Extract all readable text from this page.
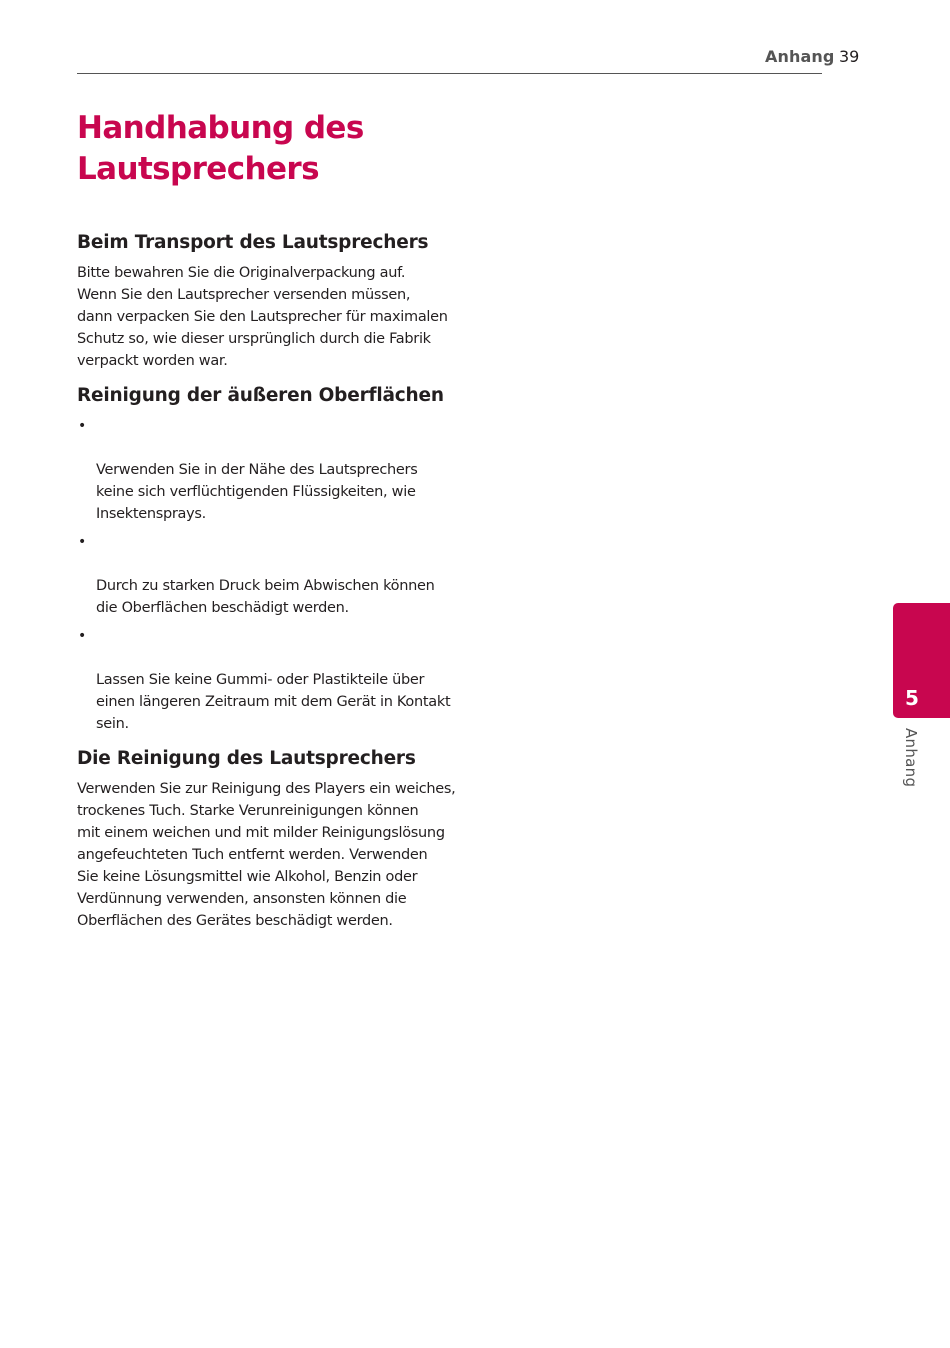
Anhang 39
Handhabung des
Lautsprechers
Beim Transport des Lautsprechers

Bitte bewahren Sie die Originalverpackung auf.
Wenn Sie den Lautsprecher versenden müssen,
dann verpacken Sie den Lautsprecher für maximalen
Schutz so, wie dieser ursprünglich durch die Fabrik
verpackt worden war.

Reinigung der äußeren Oberflächen

•

Verwenden Sie in der Nähe des Lautsprechers
keine sich verflüchtigenden Flüssigkeiten, wie
Insektensprays.

•

Durch zu starken Druck beim Abwischen können
die Oberflächen beschädigt werden.

•

Lassen Sie keine Gummi- oder Plastikteile über
einen längeren Zeitraum mit dem Gerät in Kontakt
sein.

Die Reinigung des Lautsprechers

Verwenden Sie zur Reinigung des Players ein weiches,
trockenes Tuch. Starke Verunreinigungen können
mit einem weichen und mit milder Reinigungslösung
angefeuchteten Tuch entfernt werden. Verwenden
Sie keine Lösungsmittel wie Alkohol, Benzin oder
Verdünnung verwenden, ansonsten können die
Oberflächen des Gerätes beschädigt werden.

5
Anhang
